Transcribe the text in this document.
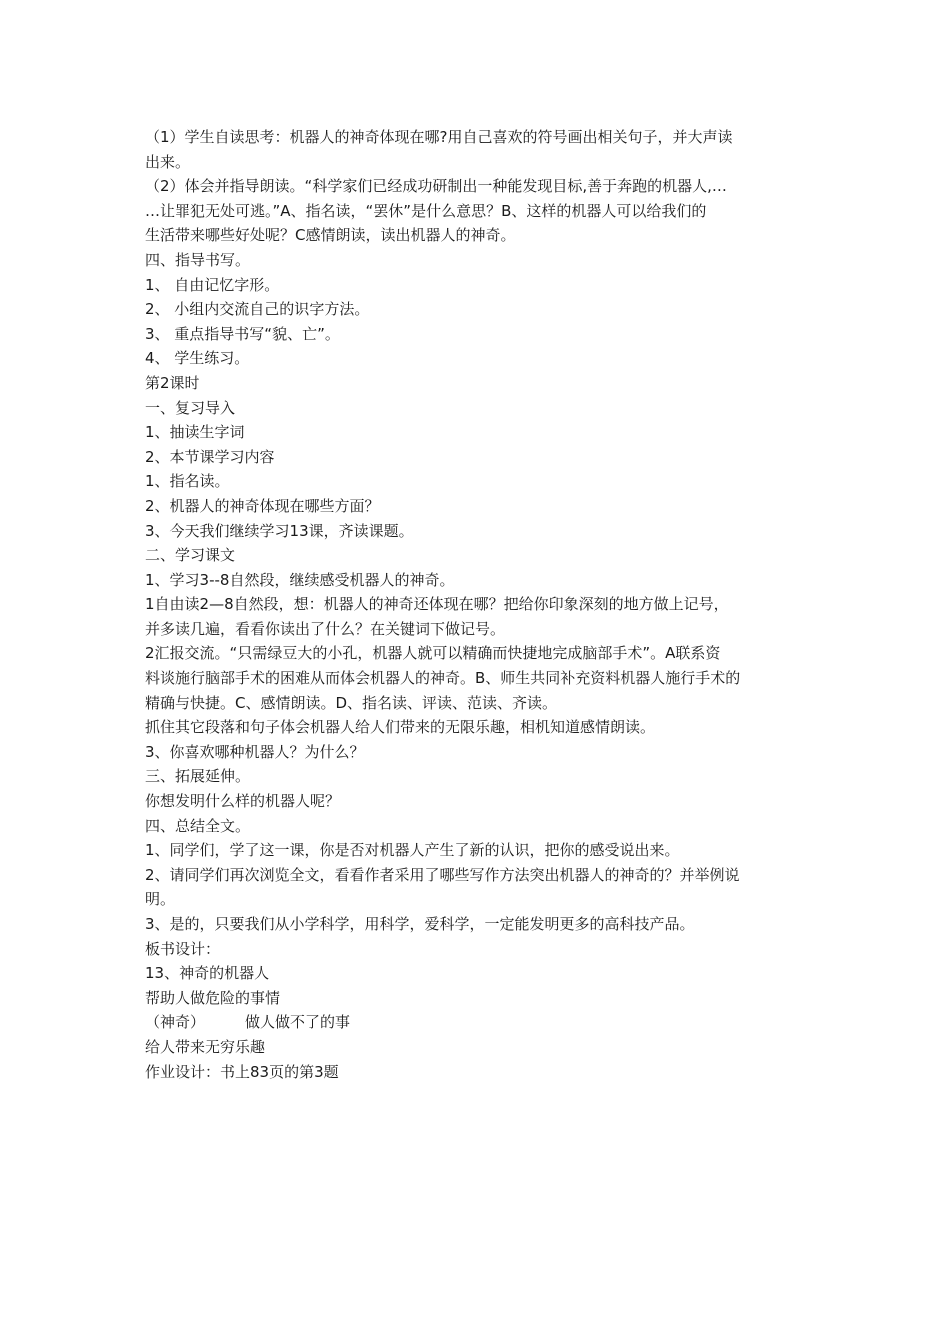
（1）学生自读思考：机器人的神奇体现在哪?用自己喜欢的符号画出相关句子，并大声读
出来。
（2）体会并指导朗读。“科学家们已经成功研制出一种能发现目标,善于奔跑的机器人,…
…让罪犯无处可逃。”A、指名读，“罢休”是什么意思？B、这样的机器人可以给我们的
生活带来哪些好处呢？C感情朗读，读出机器人的神奇。
四、指导书写。
1、 自由记忆字形。
2、 小组内交流自己的识字方法。
3、 重点指导书写“貌、亡”。
4、 学生练习。
第2课时
一、复习导入
1、抽读生字词
2、本节课学习内容
1、指名读。
2、机器人的神奇体现在哪些方面？
3、今天我们继续学习13课，齐读课题。
二、学习课文
1、学习3--8自然段，继续感受机器人的神奇。
1自由读2—8自然段，想：机器人的神奇还体现在哪？把给你印象深刻的地方做上记号，
并多读几遍，看看你读出了什么？在关键词下做记号。
2汇报交流。“只需绿豆大的小孔，机器人就可以精确而快捷地完成脑部手术”。A联系资
料谈施行脑部手术的困难从而体会机器人的神奇。B、师生共同补充资料机器人施行手术的
精确与快捷。C、感情朗读。D、指名读、评读、范读、齐读。
抓住其它段落和句子体会机器人给人们带来的无限乐趣，相机知道感情朗读。
3、你喜欢哪种机器人？为什么？
三、拓展延伸。
你想发明什么样的机器人呢？
四、总结全文。
1、同学们，学了这一课，你是否对机器人产生了新的认识，把你的感受说出来。
2、请同学们再次浏览全文，看看作者采用了哪些写作方法突出机器人的神奇的？并举例说
明。
3、是的，只要我们从小学科学，用科学，爱科学，一定能发明更多的高科技产品。
板书设计：
13、神奇的机器人
帮助人做危险的事情
（神奇）	做人做不了的事
给人带来无穷乐趣
作业设计：书上83页的第3题
